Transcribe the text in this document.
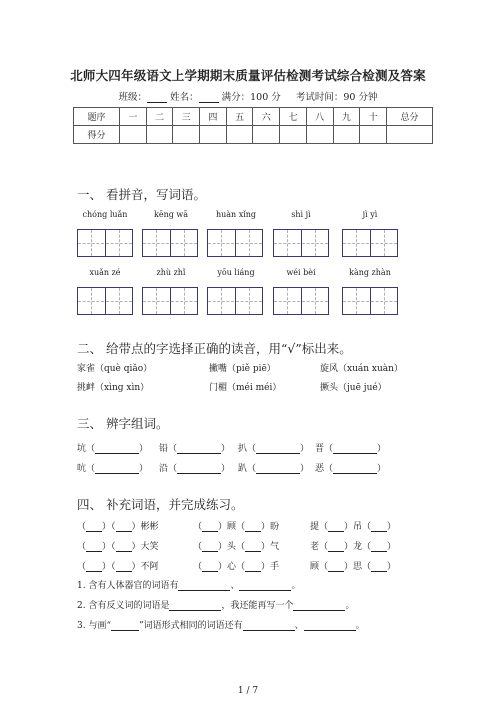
北师大四年级语文上学期期末质量评估检测考试综合检测及答案
班级： 姓名： 满分：100 分 考试时间：90 分钟
题序	一	二	三	四	五	六	七	八	九	十	总分
得分											
一、 看拼音，写词语。
chóng luǎn	kēng wā	huàn xǐng	shì jì	jì yì
xuǎn zé	zhù zhǐ	yōu liáng	wéi bèi	kàng zhàn
二、 给带点的字选择正确的读音，用“√”标出来。
家雀（què qiǎo）	撇嘴（piě piē）	旋风（xuán xuàn）
挑衅（xìng xìn）	门楣（méi méi）	撅头（juē jué）
三、 辨字组词。
坑（	） 铅（	） 扒（	） 晋（	）
吭（	） 沿（	） 趴（	） 恶（	）
四、 补充词语，并完成练习。
（ ）（ ）彬彬	（ ）顾（ ）盼	提（ ）吊（ ）
（ ）（ ）大笑	（ ）头（ ）气	老（ ）龙（ ）
（ ）（ ）不阿	（ ）心（ ）手	顾（ ）思（ ）
1. 含有人体器官的词语有	、	。
2. 含有反义词的词语是	，我还能再写一个	。
3. 与画“	”词语形式相同的词语还有	、	。
1 / 7
